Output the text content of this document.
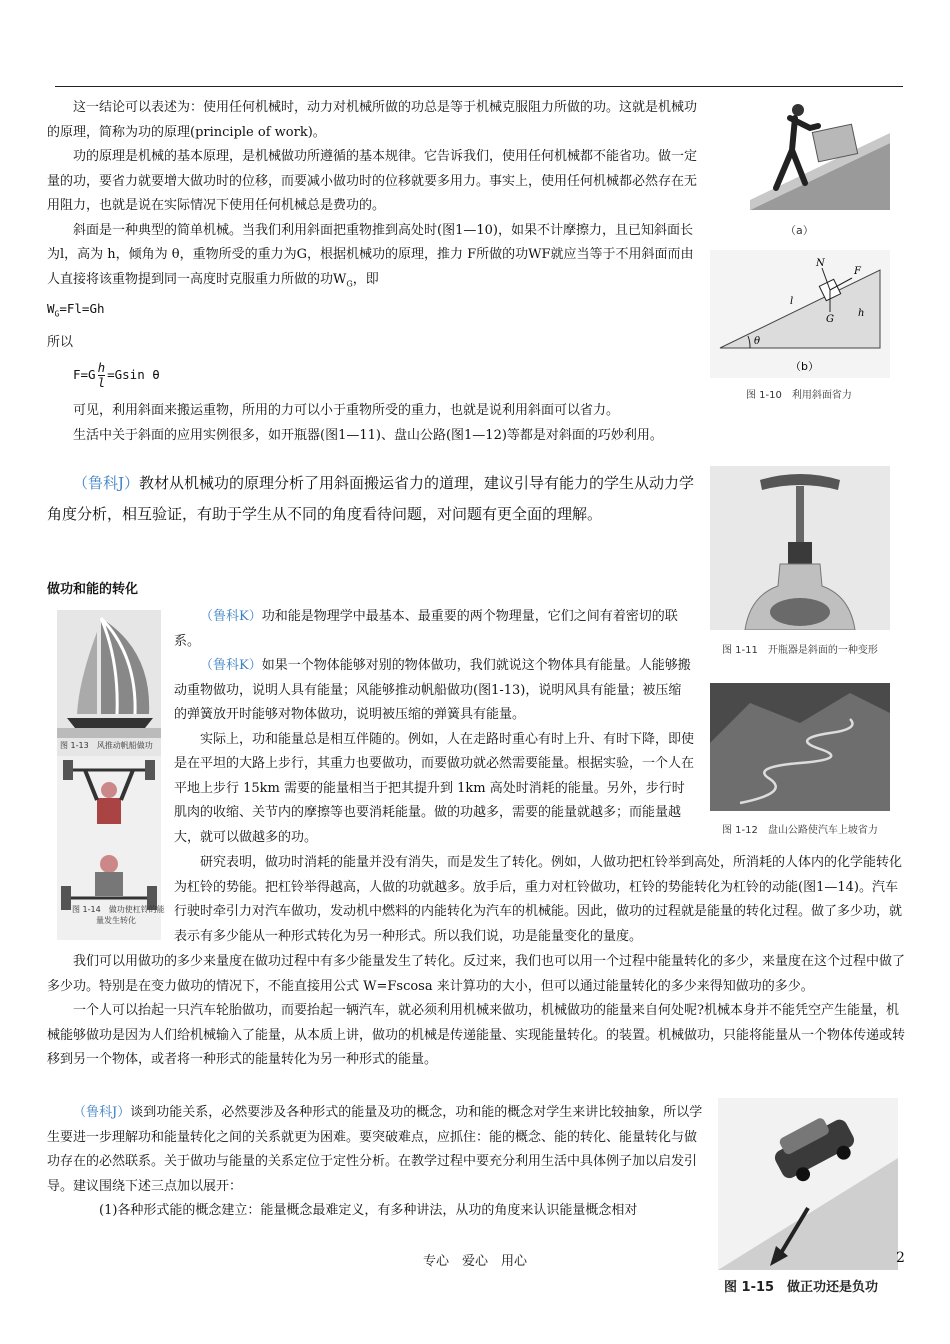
这一结论可以表述为：使用任何机械时，动力对机械所做的功总是等于机械克服阻力所做的功。这就是机械功的原理，简称为功的原理(principle of work)。

功的原理是机械的基本原理，是机械做功所遵循的基本规律。它告诉我们，使用任何机械都不能省功。做一定量的功，要省力就要增大做功时的位移，而要减小做功时的位移就要多用力。事实上，使用任何机械都必然存在无用阻力，也就是说在实际情况下使用任何机械总是费功的。

斜面是一种典型的简单机械。当我们利用斜面把重物推到高处时(图1—10)，如果不计摩擦力，且已知斜面长为l，高为 h，倾角为 θ，重物所受的重力为G，根据机械功的原理，推力 F所做的功WF就应当等于不用斜面而由人直接将该重物提到同一高度时克服重力所做的功$W_G$，即

$W_G=Fl=Gh$

所以

$F=G \frac{h}{l} =Gsin$ θ

可见，利用斜面来搬运重物，所用的力可以小于重物所受的重力，也就是说利用斜面可以省力。

生活中关于斜面的应用实例很多，如开瓶器(图1—11)、盘山公路(图1—12)等都是对斜面的巧妙利用。

（鲁科J）教材从机械功的原理分析了用斜面搬运省力的道理，建议引导有能力的学生从动力学角度分析，相互验证，有助于学生从不同的角度看待问题，对问题有更全面的理解。

做功和能的转化

（鲁科K）功和能是物理学中最基本、最重要的两个物理量，它们之间有着密切的联系。

（鲁科K）如果一个物体能够对别的物体做功，我们就说这个物体具有能量。人能够搬动重物做功，说明人具有能量；风能够推动帆船做功(图1-13)，说明风具有能量；被压缩的弹簧放开时能够对物体做功，说明被压缩的弹簧具有能量。

实际上，功和能量总是相互伴随的。例如，人在走路时重心有时上升、有时下降，即使是在平坦的大路上步行，其重力也要做功，而要做功就必然需要能量。根据实验，一个人在平地上步行 15km 需要的能量相当于把其提升到 1km 高处时消耗的能量。另外，步行时肌肉的收缩、关节内的摩擦等也要消耗能量。做的功越多，需要的能量就越多；而能量越大，就可以做越多的功。

研究表明，做功时消耗的能量并没有消失，而是发生了转化。例如，人做功把杠铃举到高处，所消耗的人体内的化学能转化为杠铃的势能。把杠铃举得越高，人做的功就越多。放手后，重力对杠铃做功，杠铃的势能转化为杠铃的动能(图1—14)。汽车行驶时牵引力对汽车做功，发动机中燃料的内能转化为汽车的机械能。因此，做功的过程就是能量的转化过程。做了多少功，就表示有多少能从一种形式转化为另一种形式。所以我们说，功是能量变化的量度。

我们可以用做功的多少来量度在做功过程中有多少能量发生了转化。反过来，我们也可以用一个过程中能量转化的多少，来量度在这个过程中做了多少功。特别是在变力做功的情况下，不能直接用公式 W=Fscosa 来计算功的大小，但可以通过能量转化的多少来得知做功的多少。

一个人可以抬起一只汽车轮胎做功，而要抬起一辆汽车，就必须利用机械来做功，机械做功的能量来自何处呢?机械本身并不能凭空产生能量，机械能够做功是因为人们给机械输入了能量，从本质上讲，做功的机械是传递能量、实现能量转化。的装置。机械做功，只能将能量从一个物体传递或转移到另一个物体，或者将一种形式的能量转化为另一种形式的能量。

（鲁科J）谈到功能关系，必然要涉及各种形式的能量及功的概念，功和能的概念对学生来讲比较抽象，所以学生要进一步理解功和能量转化之间的关系就更为困难。要突破难点，应抓住：能的概念、能的转化、能量转化与做功存在的必然联系。关于做功与能量的关系定位于定性分析。在教学过程中要充分利用生活中具体例子加以启发引导。建议围绕下述三点加以展开：

(1)各种形式能的概念建立：能量概念最难定义，有多种讲法，从功的角度来认识能量概念相对

（a）
N
F
l
G
h
θ
（b）
图 1-10　利用斜面省力
图 1-11　开瓶器是斜面的一种变形
图 1-12　盘山公路使汽车上坡省力
图 1-13　风推动帆船做功
图 1-14　做功使杠铃的能
量发生转化
图 1-15　做正功还是负功
专心　爱心　用心	2
